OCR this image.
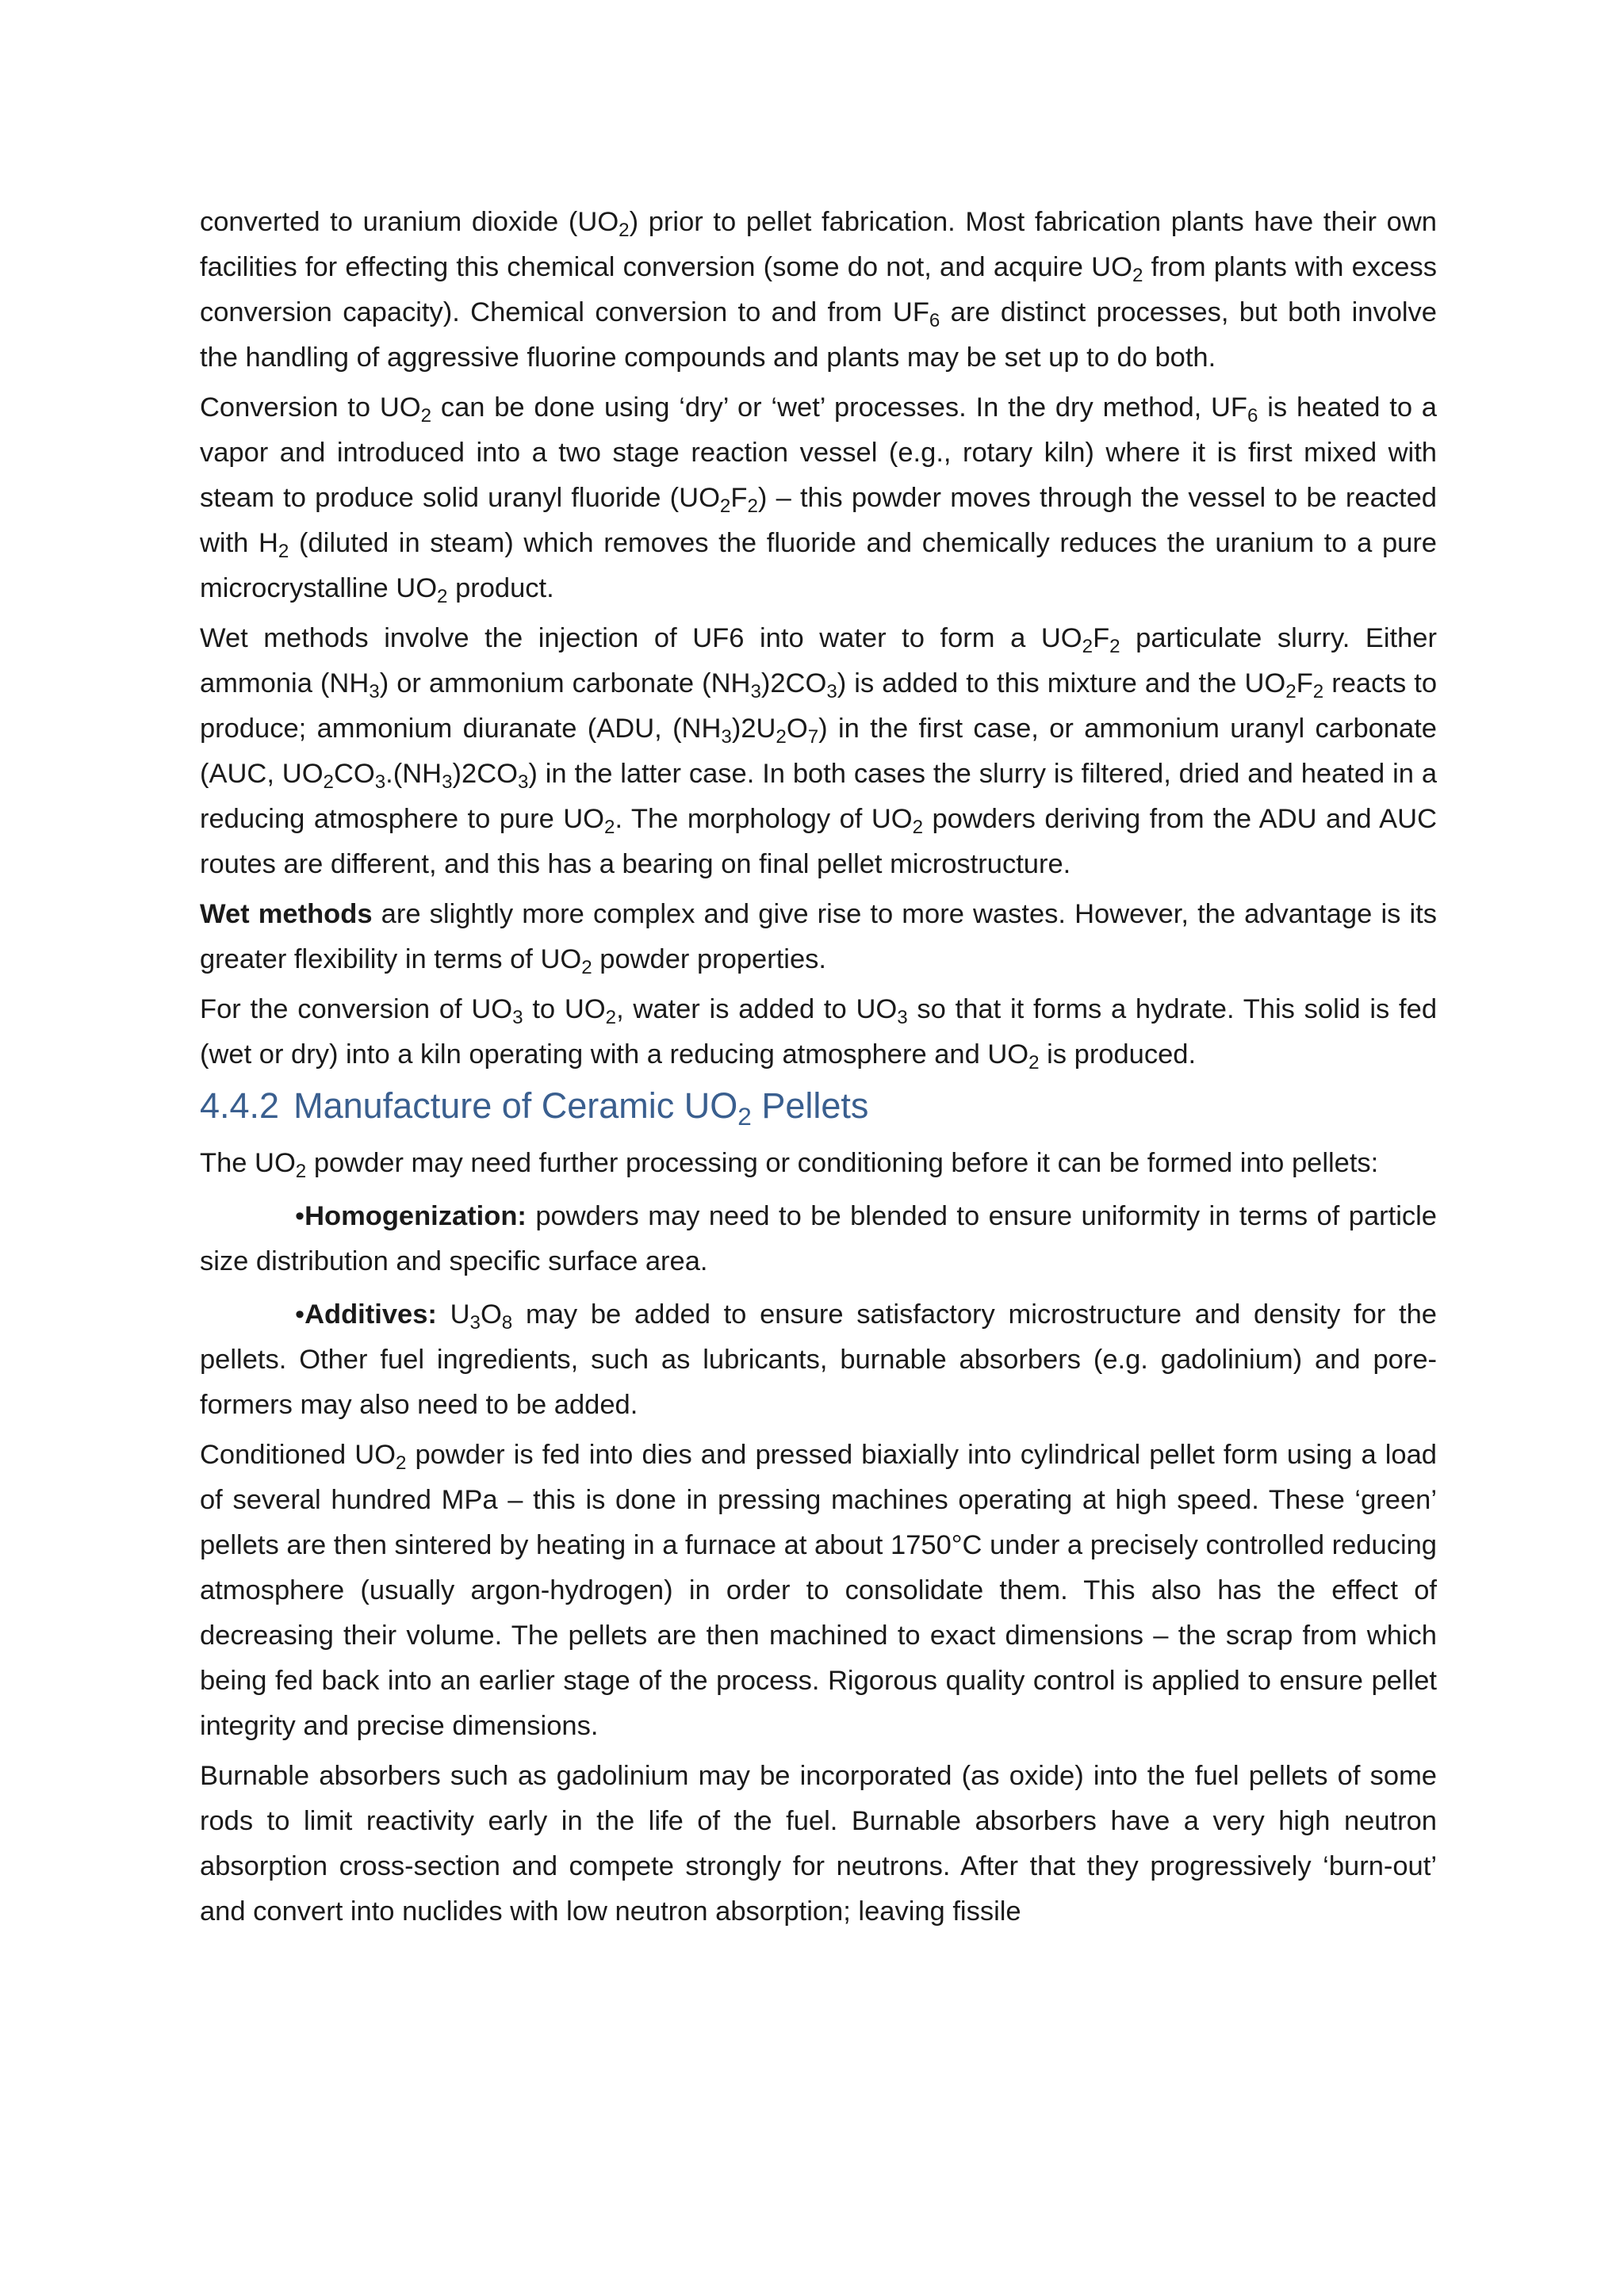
converted to uranium dioxide $(UO_2)$ prior to pellet fabrication. Most fabrication plants have their own facilities for effecting this chemical conversion (some do not, and acquire $UO_2$ from plants with excess conversion capacity). Chemical conversion to and from $UF_6$ are distinct processes, but both involve the handling of aggressive fluorine compounds and plants may be set up to do both.

Conversion to $UO_2$ can be done using ‘dry’ or ‘wet’ processes. In the dry method, $UF_6$ is heated to a vapor and introduced into a two stage reaction vessel (e.g., rotary kiln) where it is first mixed with steam to produce solid uranyl fluoride $(UO_2F_2)$ – this powder moves through the vessel to be reacted with $H_2$ (diluted in steam) which removes the fluoride and chemically reduces the uranium to a pure microcrystalline $UO_2$ product.

Wet methods involve the injection of UF6 into water to form a $UO_2F_2$ particulate slurry. Either ammonia $(NH_3)$ or ammonium carbonate $(NH_3)2CO_3$) is added to this mixture and the $UO_2F_2$ reacts to produce; ammonium diuranate (ADU, $(NH_3)2U_2O_7$) in the first case, or ammonium uranyl carbonate (AUC, $UO_2CO_3.(NH_3)2CO_3$) in the latter case. In both cases the slurry is filtered, dried and heated in a reducing atmosphere to pure $UO_2$. The morphology of $UO_2$ powders deriving from the ADU and AUC routes are different, and this has a bearing on final pellet microstructure.

Wet methods are slightly more complex and give rise to more wastes. However, the advantage is its greater flexibility in terms of $UO_2$ powder properties.

For the conversion of $UO_3$ to $UO_2$, water is added to $UO_3$ so that it forms a hydrate. This solid is fed (wet or dry) into a kiln operating with a reducing atmosphere and $UO_2$ is produced.

4.4.2 Manufacture of Ceramic $UO_2$ Pellets

The $UO_2$ powder may need further processing or conditioning before it can be formed into pellets:

•Homogenization: powders may need to be blended to ensure uniformity in terms of particle size distribution and specific surface area.

•Additives: $U_3O_8$ may be added to ensure satisfactory microstructure and density for the pellets. Other fuel ingredients, such as lubricants, burnable absorbers (e.g. gadolinium) and pore-formers may also need to be added.

Conditioned $UO_2$ powder is fed into dies and pressed biaxially into cylindrical pellet form using a load of several hundred MPa – this is done in pressing machines operating at high speed. These ‘green’ pellets are then sintered by heating in a furnace at about 1750°C under a precisely controlled reducing atmosphere (usually argon-hydrogen) in order to consolidate them. This also has the effect of decreasing their volume. The pellets are then machined to exact dimensions – the scrap from which being fed back into an earlier stage of the process. Rigorous quality control is applied to ensure pellet integrity and precise dimensions.

Burnable absorbers such as gadolinium may be incorporated (as oxide) into the fuel pellets of some rods to limit reactivity early in the life of the fuel. Burnable absorbers have a very high neutron absorption cross-section and compete strongly for neutrons. After that they progressively ‘burn-out’ and convert into nuclides with low neutron absorption; leaving fissile
